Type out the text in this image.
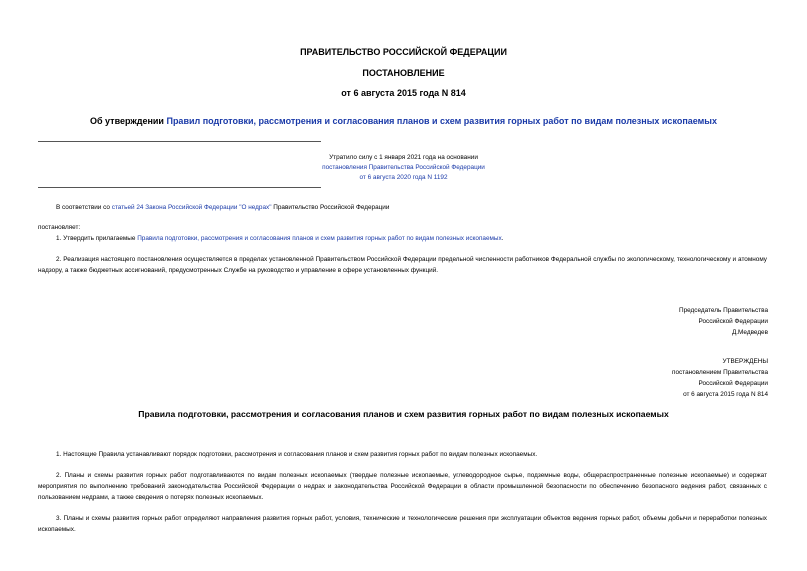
ПРАВИТЕЛЬСТВО РОССИЙСКОЙ ФЕДЕРАЦИИ
ПОСТАНОВЛЕНИЕ
от 6 августа 2015 года N 814
Об утверждении Правил подготовки, рассмотрения и согласования планов и схем развития горных работ по видам полезных ископаемых
Утратило силу с 1 января 2021 года на основании
постановления Правительства Российской Федерации
от 6 августа 2020 года N 1192
В соответствии со статьей 24 Закона Российской Федерации "О недрах" Правительство Российской Федерации
постановляет:
1. Утвердить прилагаемые Правила подготовки, рассмотрения и согласования планов и схем развития горных работ по видам полезных ископаемых.
2. Реализация настоящего постановления осуществляется в пределах установленной Правительством Российской Федерации предельной численности работников Федеральной службы по экологическому, технологическому и атомному надзору, а также бюджетных ассигнований, предусмотренных Службе на руководство и управление в сфере установленных функций.
Председатель Правительства
Российской Федерации
Д.Медведев
УТВЕРЖДЕНЫ
постановлением Правительства
Российской Федерации
от 6 августа 2015 года N 814
Правила подготовки, рассмотрения и согласования планов и схем развития горных работ по видам полезных ископаемых
1. Настоящие Правила устанавливают порядок подготовки, рассмотрения и согласования планов и схем развития горных работ по видам полезных ископаемых.
2. Планы и схемы развития горных работ подготавливаются по видам полезных ископаемых (твердые полезные ископаемые, углеводородное сырье, подземные воды, общераспространенные полезные ископаемые) и содержат мероприятия по выполнению требований законодательства Российской Федерации о недрах и законодательства Российской Федерации в области промышленной безопасности по обеспечению безопасного ведения работ, связанных с пользованием недрами, а также сведения о потерях полезных ископаемых.
3. Планы и схемы развития горных работ определяют направления развития горных работ, условия, технические и технологические решения при эксплуатации объектов ведения горных работ, объемы добычи и переработки полезных ископаемых.
